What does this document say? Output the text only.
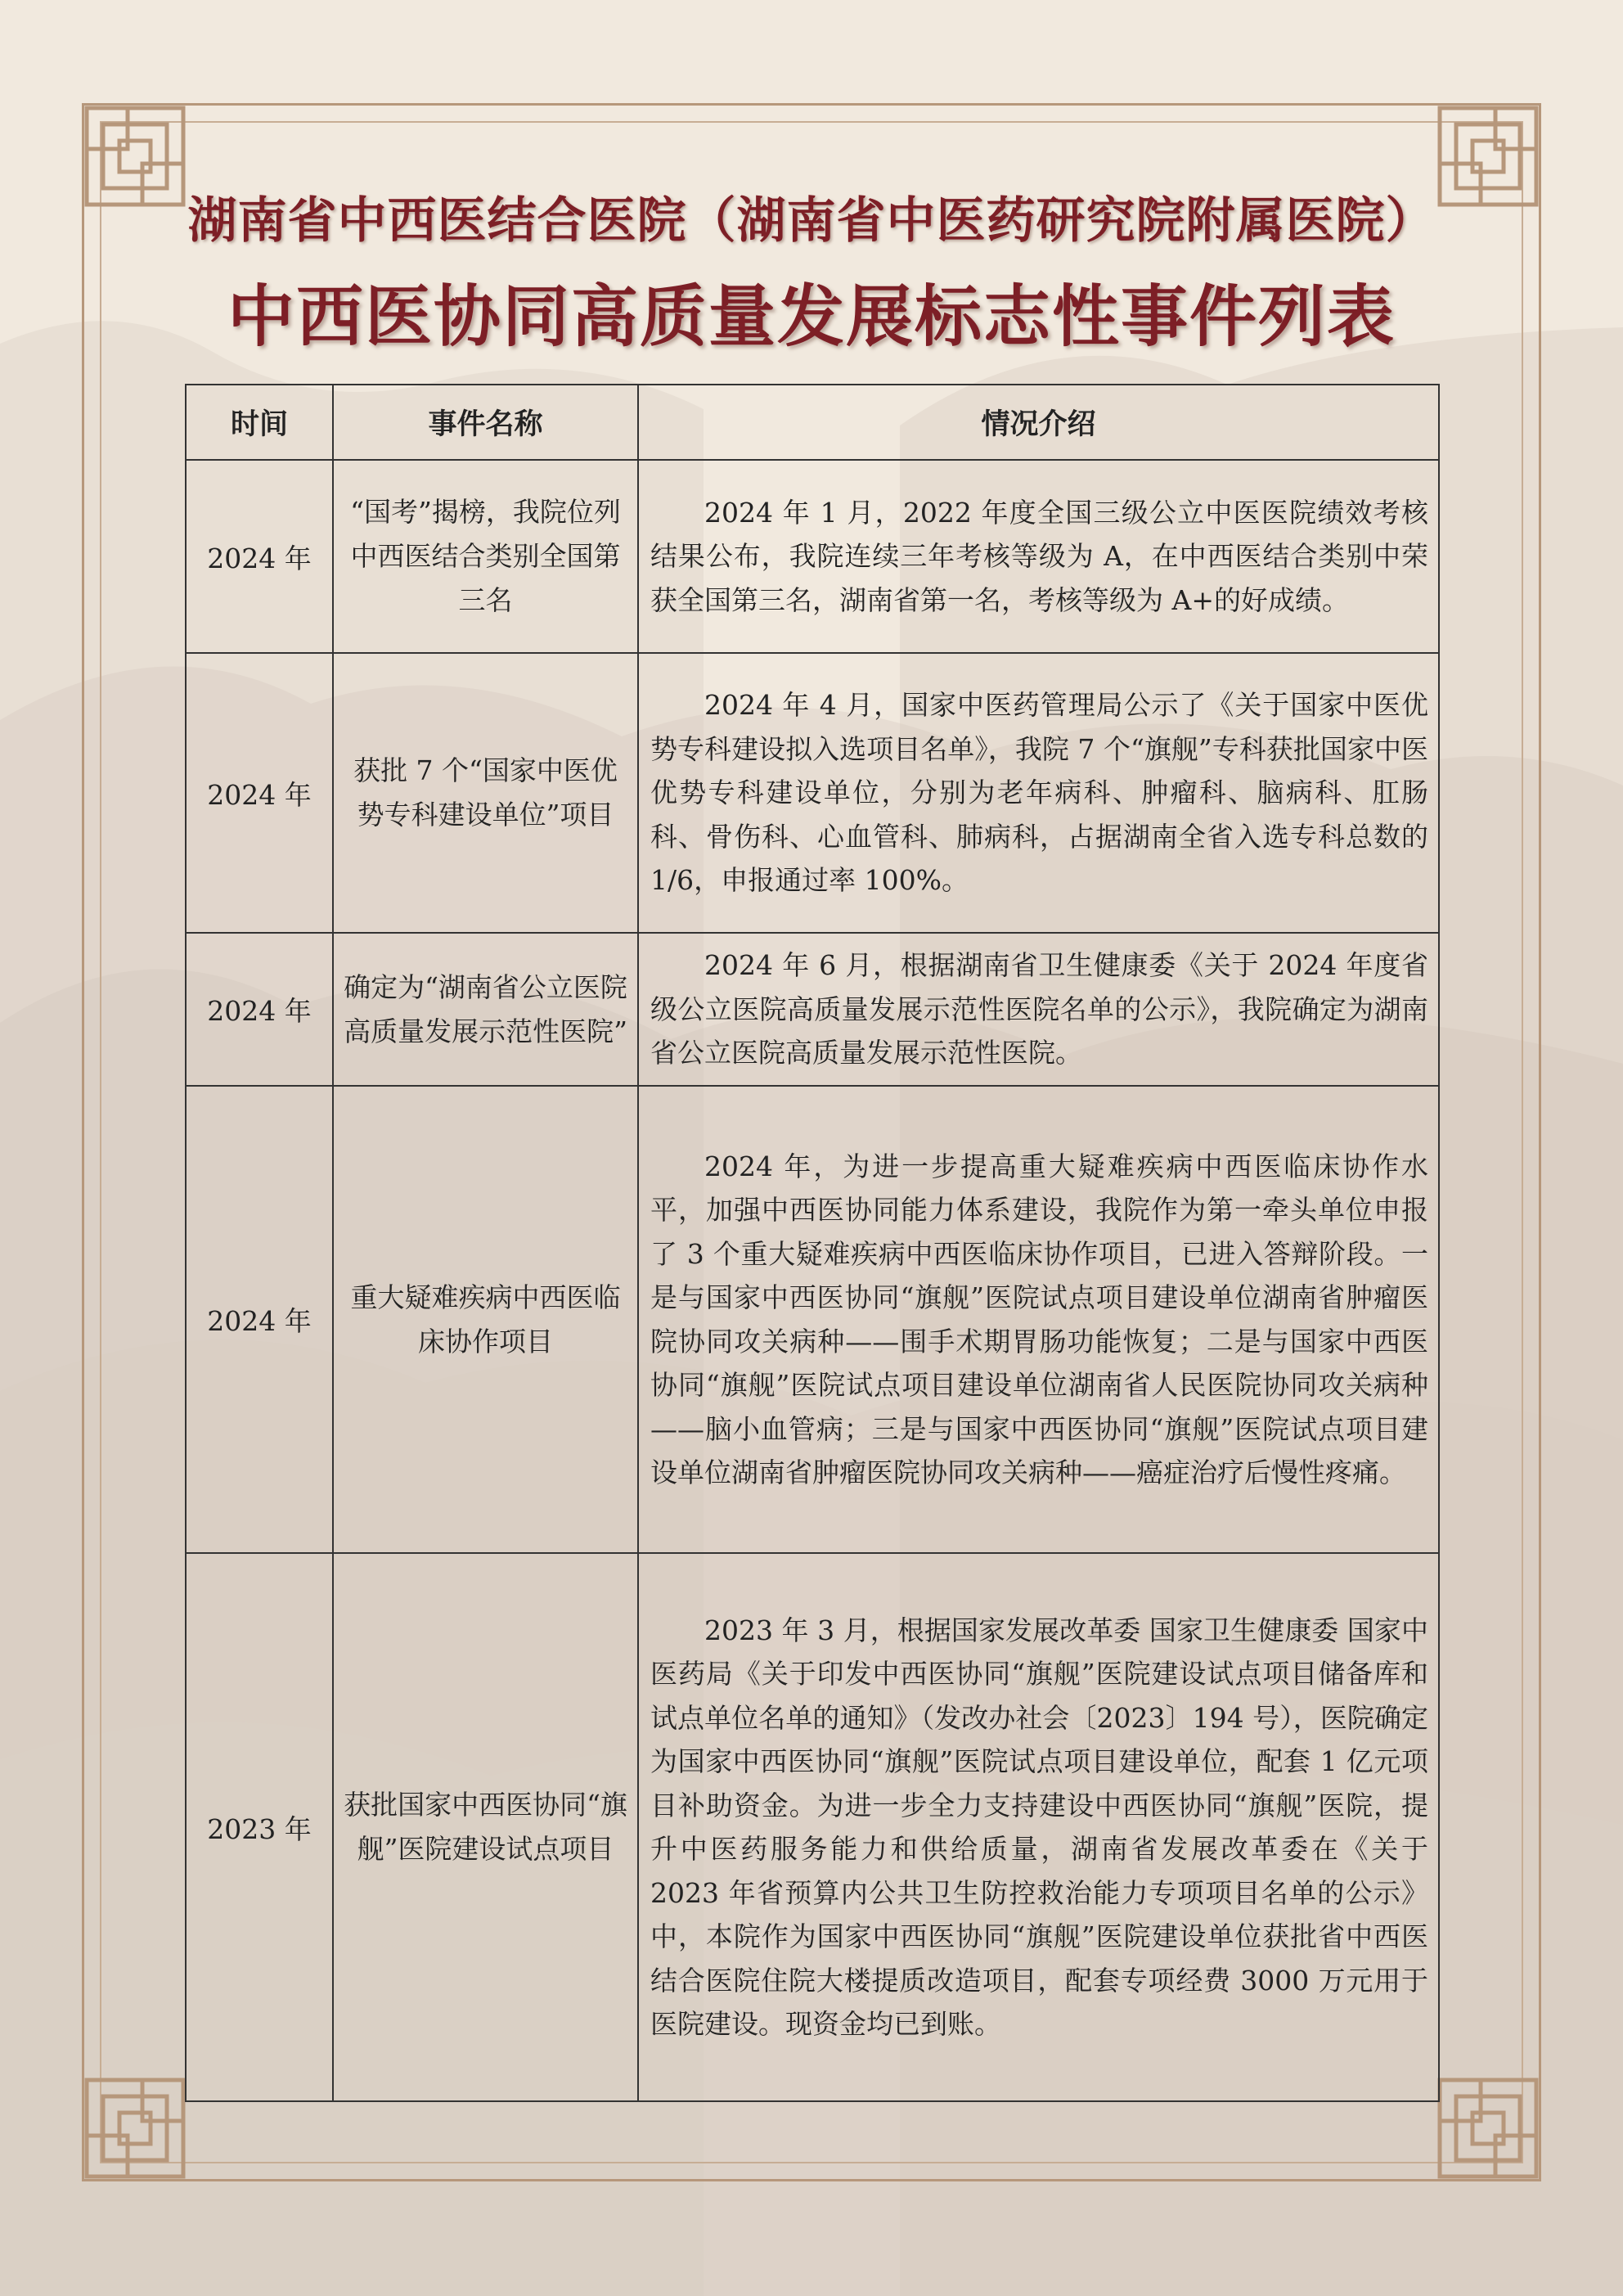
湖南省中西医结合医院（湖南省中医药研究院附属医院）
中西医协同高质量发展标志性事件列表
时间	事件名称	情况介绍
2024 年	“国考”揭榜，我院位列中西医结合类别全国第三名	2024 年 1 月，2022 年度全国三级公立中医医院绩效考核结果公布，我院连续三年考核等级为 A，在中西医结合类别中荣获全国第三名，湖南省第一名，考核等级为 A+的好成绩。
2024 年	获批 7 个“国家中医优势专科建设单位”项目	2024 年 4 月，国家中医药管理局公示了《关于国家中医优势专科建设拟入选项目名单》，我院 7 个“旗舰”专科获批国家中医优势专科建设单位，分别为老年病科、肿瘤科、脑病科、肛肠科、骨伤科、心血管科、肺病科，占据湖南全省入选专科总数的 1/6，申报通过率 100%。
2024 年	确定为“湖南省公立医院高质量发展示范性医院”	2024 年 6 月，根据湖南省卫生健康委《关于 2024 年度省级公立医院高质量发展示范性医院名单的公示》，我院确定为湖南省公立医院高质量发展示范性医院。
2024 年	重大疑难疾病中西医临床协作项目	2024 年，为进一步提高重大疑难疾病中西医临床协作水平，加强中西医协同能力体系建设，我院作为第一牵头单位申报了 3 个重大疑难疾病中西医临床协作项目，已进入答辩阶段。一是与国家中西医协同“旗舰”医院试点项目建设单位湖南省肿瘤医院协同攻关病种——围手术期胃肠功能恢复；二是与国家中西医协同“旗舰”医院试点项目建设单位湖南省人民医院协同攻关病种——脑小血管病；三是与国家中西医协同“旗舰”医院试点项目建设单位湖南省肿瘤医院协同攻关病种——癌症治疗后慢性疼痛。
2023 年	获批国家中西医协同“旗舰”医院建设试点项目	2023 年 3 月，根据国家发展改革委 国家卫生健康委 国家中医药局《关于印发中西医协同“旗舰”医院建设试点项目储备库和试点单位名单的通知》（发改办社会〔2023〕194 号），医院确定为国家中西医协同“旗舰”医院试点项目建设单位，配套 1 亿元项目补助资金。为进一步全力支持建设中西医协同“旗舰”医院，提升中医药服务能力和供给质量，湖南省发展改革委在《关于 2023 年省预算内公共卫生防控救治能力专项项目名单的公示》中，本院作为国家中西医协同“旗舰”医院建设单位获批省中西医结合医院住院大楼提质改造项目，配套专项经费 3000 万元用于医院建设。现资金均已到账。
